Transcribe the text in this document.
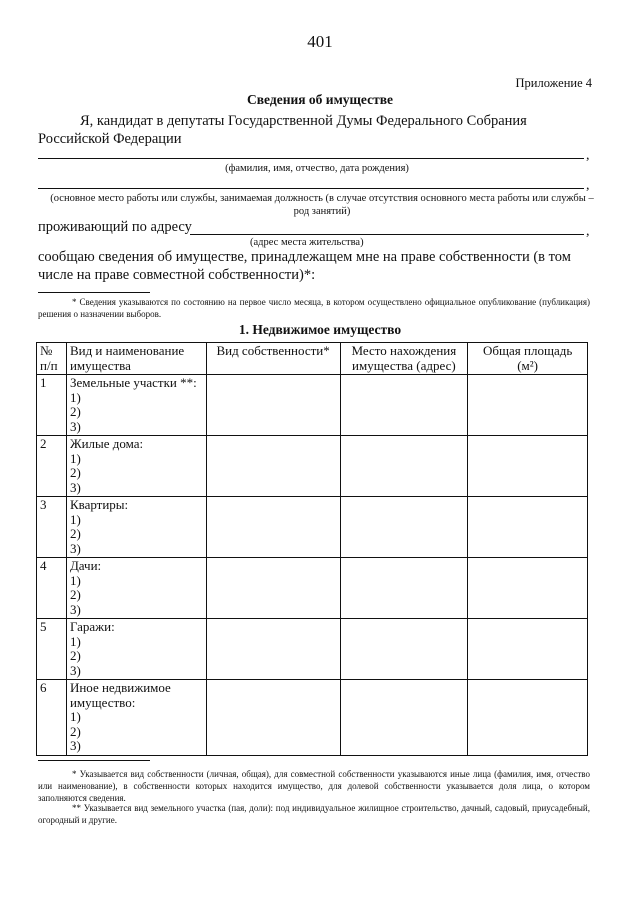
401
Приложение 4
Сведения об имуществе
Я, кандидат в депутаты Государственной Думы Федерального Собрания Российской Федерации
,
(фамилия, имя, отчество, дата рождения)
,
(основное место работы или службы, занимаемая должность (в случае отсутствия основного места работы или службы – род занятий)
проживающий по адресу	,
(адрес места жительства)
сообщаю сведения об имуществе, принадлежащем мне на праве собственности (в том числе на праве совместной собственности)*:
* Сведения указываются по состоянию на первое число месяца, в котором осуществлено официальное опубликование (публикация) решения о назначении выборов.
1. Недвижимое имущество
№ п/п	Вид и наименование имущества	Вид собственности*	Место нахождения имущества (адрес)	Общая площадь (м²)
1	Земельные участки **:
1)
2)
3)			

2	Жилые дома:
1)
2)
3)			

3	Квартиры:
1)
2)
3)			

4	Дачи:
1)
2)
3)			

5	Гаражи:
1)
2)
3)			

6	Иное недвижимое имущество:
1)
2)
3)			

* Указывается вид собственности (личная, общая), для совместной собственности указываются иные лица (фамилия, имя, отчество или наименование), в собственности которых находится имущество, для долевой собственности указывается доля лица, о котором заполняются сведения.
** Указывается вид земельного участка (пая, доли): под индивидуальное жилищное строительство, дачный, садовый, приусадебный, огородный и другие.
